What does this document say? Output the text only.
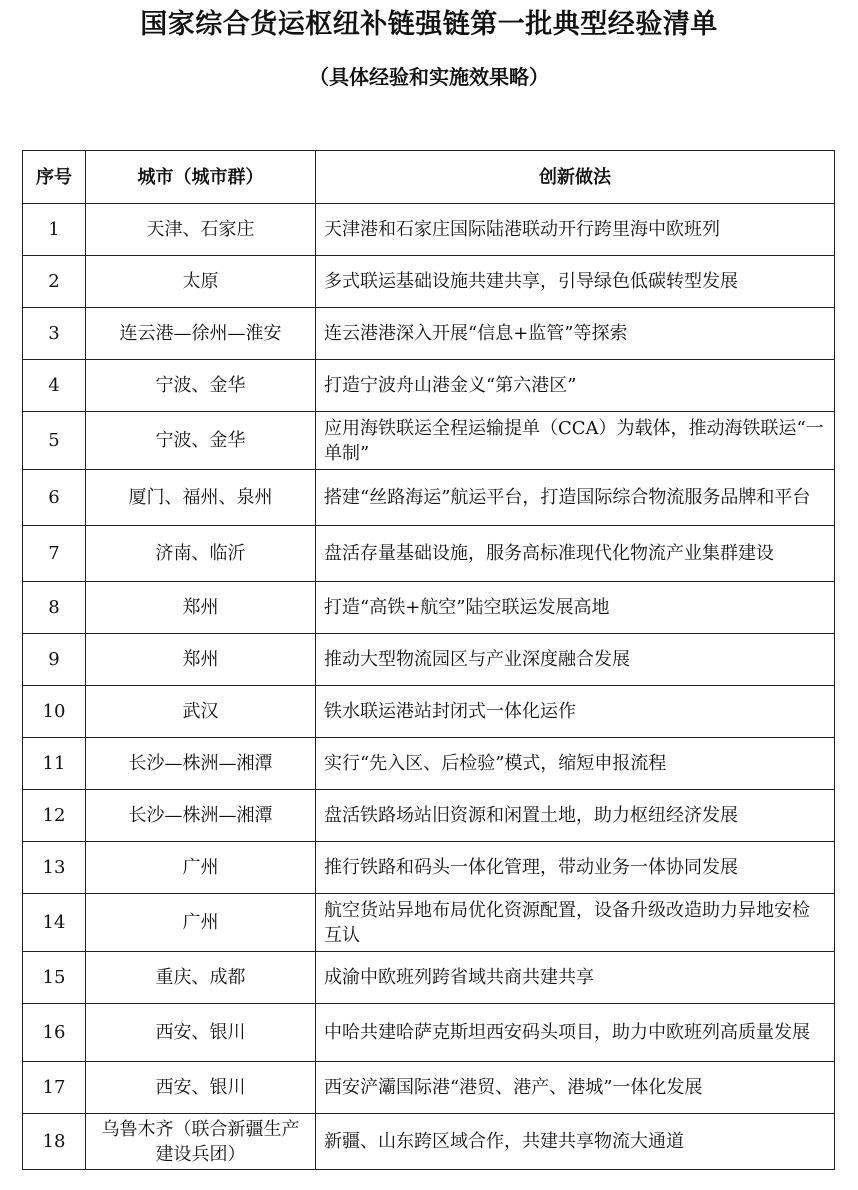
国家综合货运枢纽补链强链第一批典型经验清单
（具体经验和实施效果略）
序号	城市（城市群）	创新做法
1	天津、石家庄	天津港和石家庄国际陆港联动开行跨里海中欧班列
2	太原	多式联运基础设施共建共享，引导绿色低碳转型发展
3	连云港—徐州—淮安	连云港港深入开展“信息+监管”等探索
4	宁波、金华	打造宁波舟山港金义“第六港区”
5	宁波、金华	应用海铁联运全程运输提单（CCA）为载体，推动海铁联运“一单制”
6	厦门、福州、泉州	搭建“丝路海运”航运平台，打造国际综合物流服务品牌和平台
7	济南、临沂	盘活存量基础设施，服务高标准现代化物流产业集群建设
8	郑州	打造“高铁+航空”陆空联运发展高地
9	郑州	推动大型物流园区与产业深度融合发展
10	武汉	铁水联运港站封闭式一体化运作
11	长沙—株洲—湘潭	实行“先入区、后检验”模式，缩短申报流程
12	长沙—株洲—湘潭	盘活铁路场站旧资源和闲置土地，助力枢纽经济发展
13	广州	推行铁路和码头一体化管理，带动业务一体协同发展
14	广州	航空货站异地布局优化资源配置，设备升级改造助力异地安检互认
15	重庆、成都	成渝中欧班列跨省域共商共建共享
16	西安、银川	中哈共建哈萨克斯坦西安码头项目，助力中欧班列高质量发展
17	西安、银川	西安浐灞国际港“港贸、港产、港城”一体化发展
18	乌鲁木齐（联合新疆生产建设兵团）	新疆、山东跨区域合作，共建共享物流大通道
